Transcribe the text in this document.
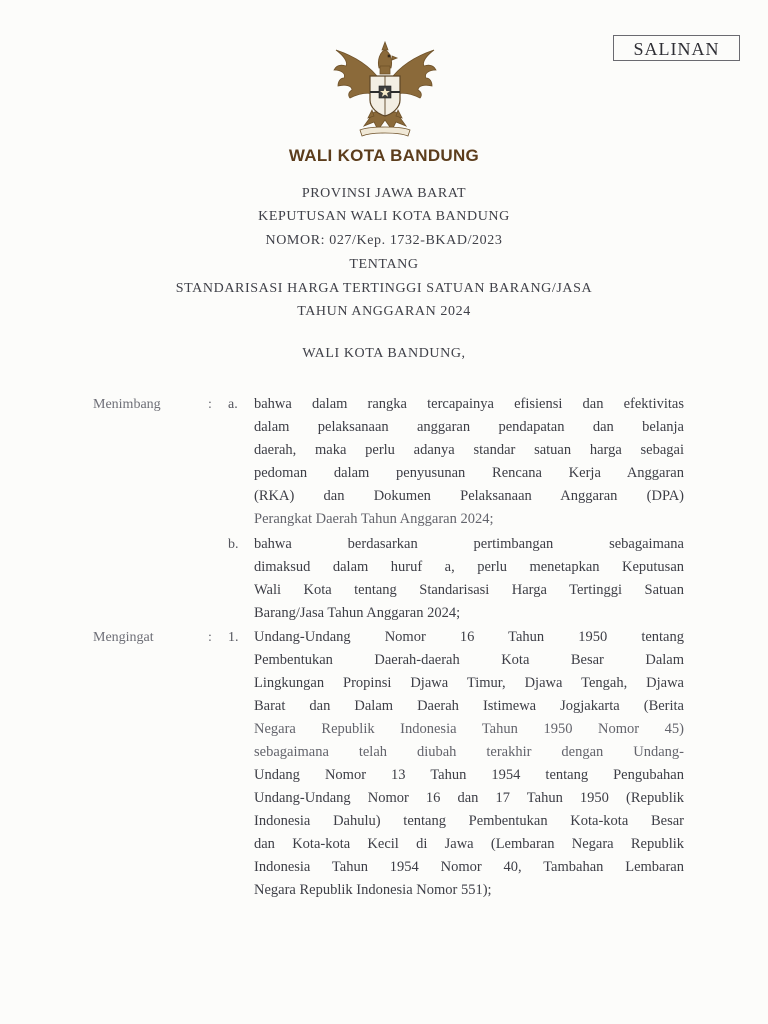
SALINAN
WALI KOTA BANDUNG
PROVINSI JAWA BARAT
KEPUTUSAN WALI KOTA BANDUNG
NOMOR: 027/Kep. 1732-BKAD/2023
TENTANG
STANDARISASI HARGA TERTINGGI SATUAN BARANG/JASA
TAHUN ANGGARAN 2024
WALI KOTA BANDUNG,
Menimbang	: a. bahwa dalam rangka tercapainya efisiensi dan efektivitas
dalam pelaksanaan anggaran pendapatan dan belanja
daerah, maka perlu adanya standar satuan harga sebagai
pedoman dalam penyusunan Rencana Kerja Anggaran
(RKA) dan Dokumen Pelaksanaan Anggaran (DPA)
Perangkat Daerah Tahun Anggaran 2024;
b. bahwa berdasarkan pertimbangan sebagaimana
dimaksud dalam huruf a, perlu menetapkan Keputusan
Wali Kota tentang Standarisasi Harga Tertinggi Satuan
Barang/Jasa Tahun Anggaran 2024;
Mengingat	: 1. Undang-Undang Nomor 16 Tahun 1950 tentang
Pembentukan Daerah-daerah Kota Besar Dalam
Lingkungan Propinsi Djawa Timur, Djawa Tengah, Djawa
Barat dan Dalam Daerah Istimewa Jogjakarta (Berita
Negara Republik Indonesia Tahun 1950 Nomor 45)
sebagaimana telah diubah terakhir dengan Undang-
Undang Nomor 13 Tahun 1954 tentang Pengubahan
Undang-Undang Nomor 16 dan 17 Tahun 1950 (Republik
Indonesia Dahulu) tentang Pembentukan Kota-kota Besar
dan Kota-kota Kecil di Jawa (Lembaran Negara Republik
Indonesia Tahun 1954 Nomor 40, Tambahan Lembaran
Negara Republik Indonesia Nomor 551);
